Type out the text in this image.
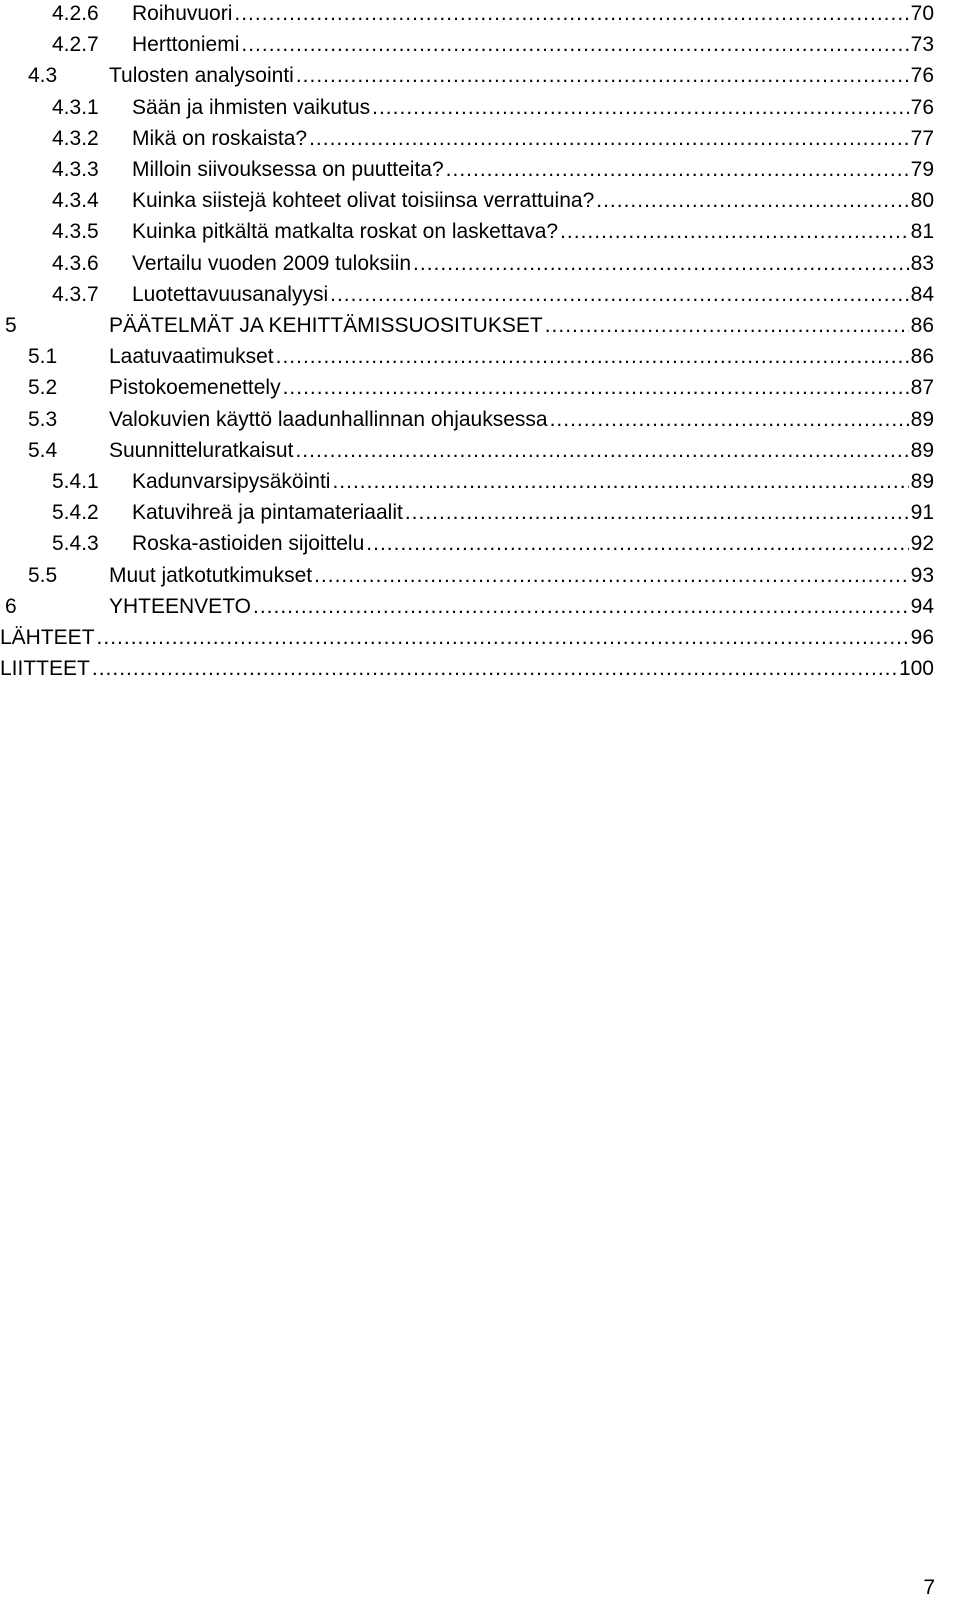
4.2.6	Roihuvuori .....	70
4.2.7	Herttoniemi .....	73
4.3	Tulosten analysointi .....	76
4.3.1	Sään ja ihmisten vaikutus .....	76
4.3.2	Mikä on roskaista? .....	77
4.3.3	Milloin siivouksessa on puutteita? .....	79
4.3.4	Kuinka siistejä kohteet olivat toisiinsa verrattuina? .....	80
4.3.5	Kuinka pitkältä matkalta roskat on laskettava? .....	81
4.3.6	Vertailu vuoden 2009 tuloksiin .....	83
4.3.7	Luotettavuusanalyysi .....	84
5	PÄÄTELMÄT JA KEHITTÄMISSUOSITUKSET .....	86
5.1	Laatuvaatimukset .....	86
5.2	Pistokoemenettely .....	87
5.3	Valokuvien käyttö laadunhallinnan ohjauksessa .....	89
5.4	Suunnitteluratkaisut .....	89
5.4.1	Kadunvarsipysäköinti .....	89
5.4.2	Katuvihreä ja pintamateriaalit .....	91
5.4.3	Roska-astioiden sijoittelu .....	92
5.5	Muut jatkotutkimukset .....	93
6	YHTEENVETO .....	94
LÄHTEET .....	96
LIITTEET .....	100
7
